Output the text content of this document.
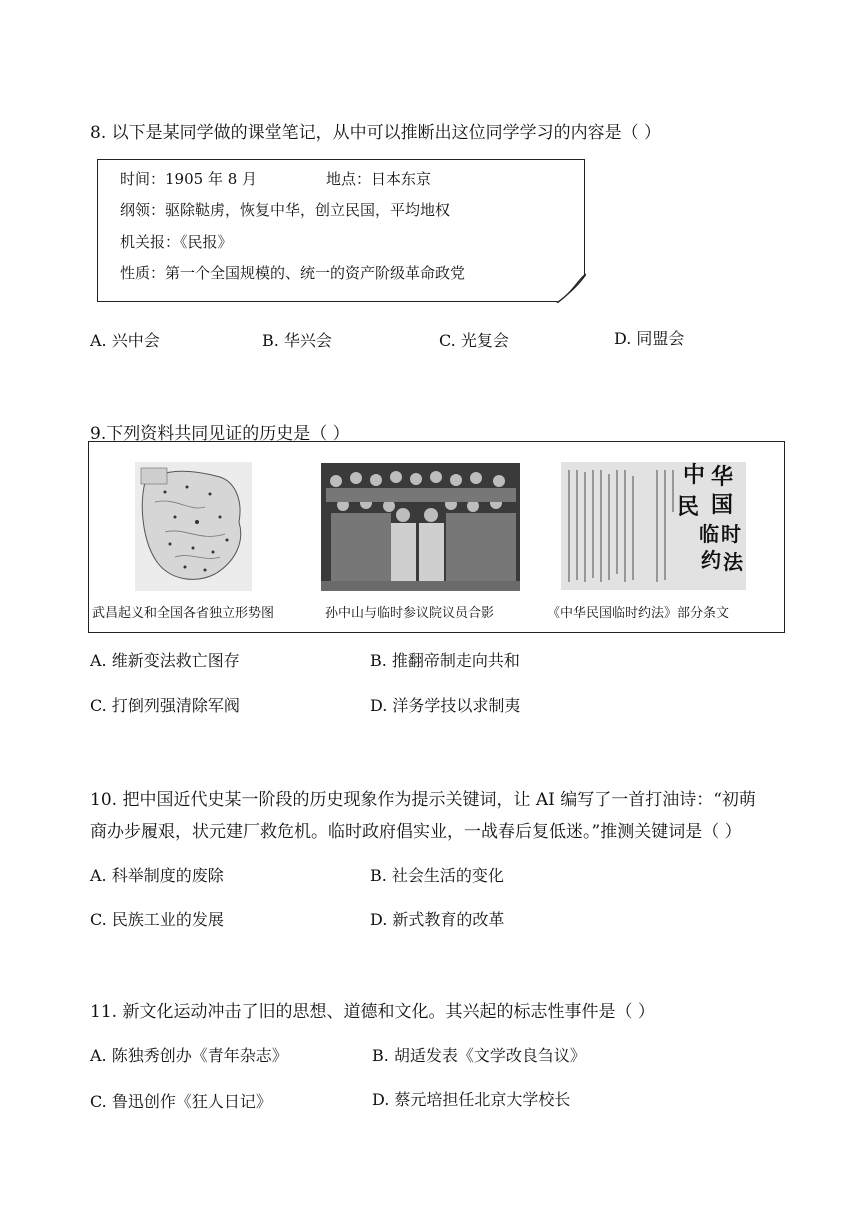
8. 以下是某同学做的课堂笔记，从中可以推断出这位同学学习的内容是（ ）
时间：1905 年 8 月	地点：日本东京
纲领：驱除鞑虏，恢复中华，创立民国，平均地权
机关报：《民报》
性质：第一个全国规模的、统一的资产阶级革命政党
A. 兴中会	B. 华兴会	C. 光复会	D. 同盟会
9.下列资料共同见证的历史是（ ）
中 华
民 国
临 时
约 法
武昌起义和全国各省独立形势图	孙中山与临时参议院议员合影	《中华民国临时约法》部分条文
A. 维新变法救亡图存	B. 推翻帝制走向共和
C. 打倒列强清除军阀	D. 洋务学技以求制夷
10. 把中国近代史某一阶段的历史现象作为提示关键词，让 AI 编写了一首打油诗：“初萌
商办步履艰，状元建厂救危机。临时政府倡实业，一战春后复低迷。”推测关键词是（ ）
A. 科举制度的废除	B. 社会生活的变化
C. 民族工业的发展	D. 新式教育的改革
11. 新文化运动冲击了旧的思想、道德和文化。其兴起的标志性事件是（ ）
A. 陈独秀创办《青年杂志》	B. 胡适发表《文学改良刍议》
C. 鲁迅创作《狂人日记》	D. 蔡元培担任北京大学校长
